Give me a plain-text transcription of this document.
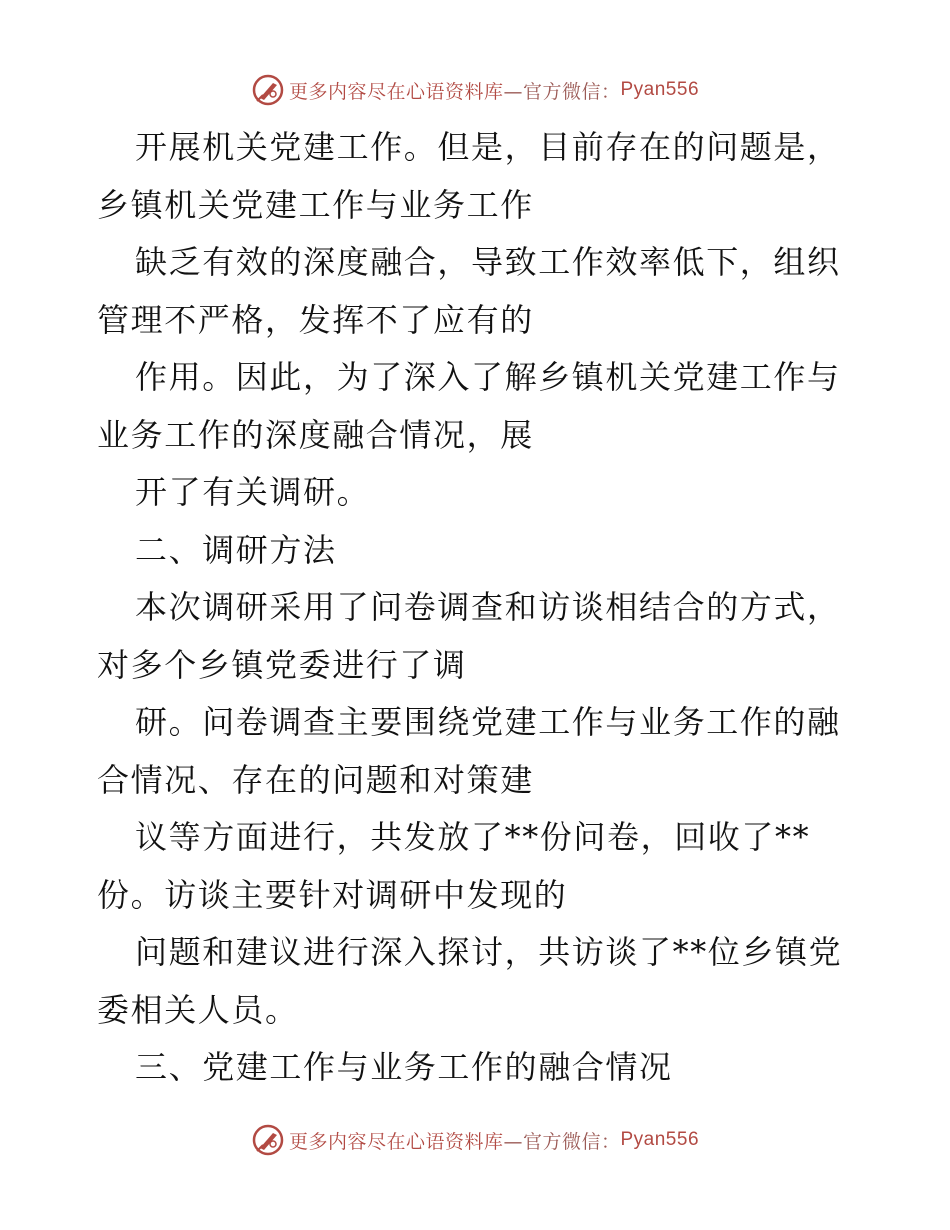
更多内容尽在心语资料库 —官方微信： Pyan556
开展机关党建工作。但是，目前存在的问题是，
乡镇机关党建工作与业务工作
缺乏有效的深度融合，导致工作效率低下，组织
管理不严格，发挥不了应有的
作用。因此，为了深入了解乡镇机关党建工作与
业务工作的深度融合情况，展
开了有关调研。
二、调研方法
本次调研采用了问卷调查和访谈相结合的方式，
对多个乡镇党委进行了调
研。问卷调查主要围绕党建工作与业务工作的融
合情况、存在的问题和对策建
议等方面进行，共发放了**份问卷，回收了**
份。访谈主要针对调研中发现的
问题和建议进行深入探讨，共访谈了**位乡镇党
委相关人员。
三、党建工作与业务工作的融合情况
更多内容尽在心语资料库 —官方微信： Pyan556
